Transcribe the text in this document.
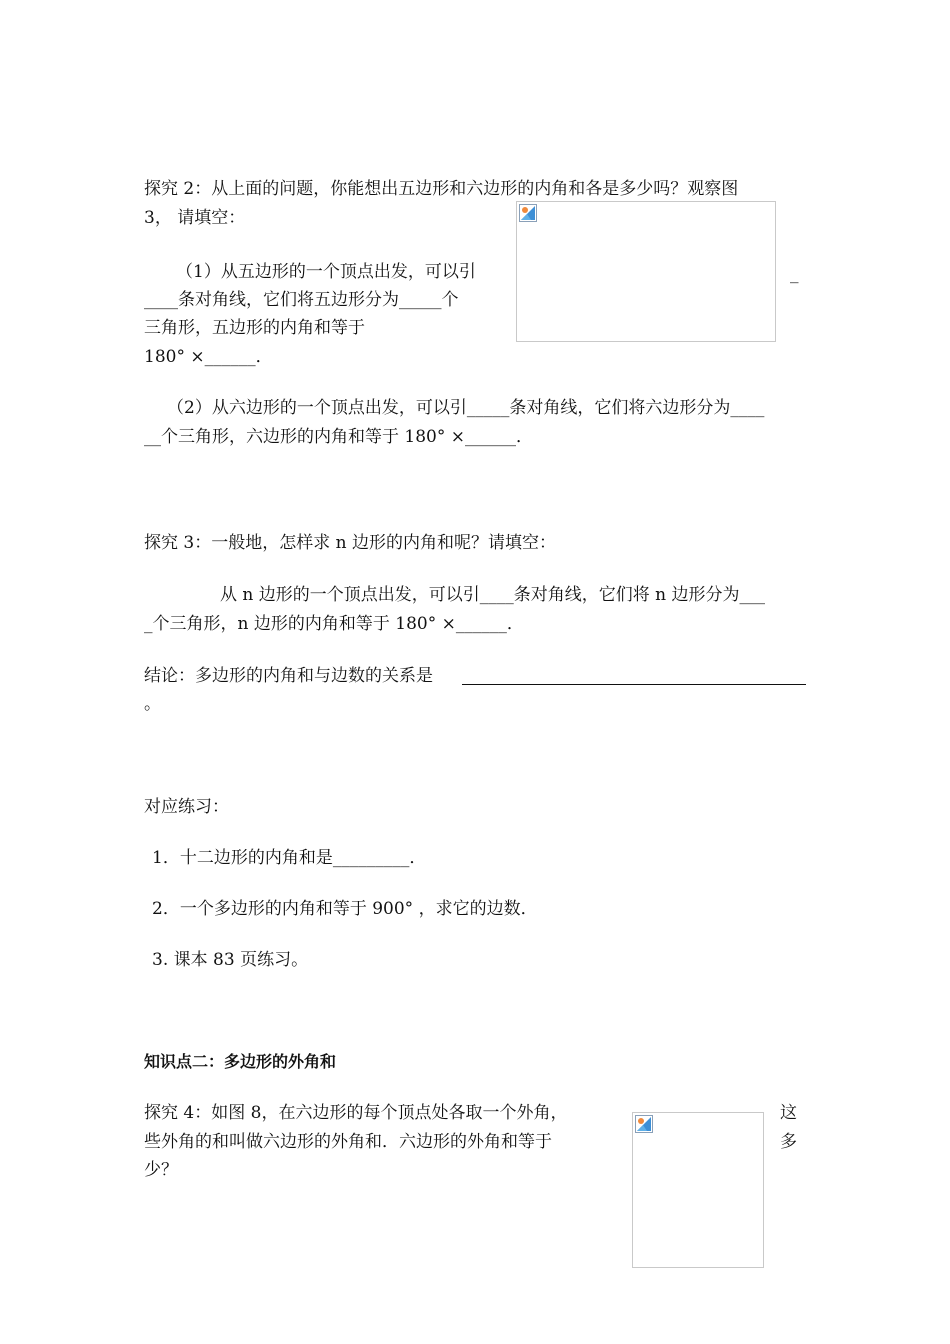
探究 2：从上面的问题，你能想出五边形和六边形的内角和各是多少吗？观察图
3， 请填空：
_
（1）从五边形的一个顶点出发，可以引
____条对角线，它们将五边形分为_____个
三角形，五边形的内角和等于
180° ×______．
（2）从六边形的一个顶点出发，可以引_____条对角线，它们将六边形分为____
__个三角形，六边形的内角和等于 180° ×______．
探究 3：一般地，怎样求 n 边形的内角和呢？请填空：
从 n 边形的一个顶点出发，可以引____条对角线，它们将 n 边形分为___
_个三角形，n 边形的内角和等于 180° ×______．
结论：多边形的内角和与边数的关系是
。
对应练习：
1．十二边形的内角和是_________．
2．一个多边形的内角和等于 900° ，求它的边数．
3. 课本 83 页练习。
知识点二：多边形的外角和
探究 4：如图 8，在六边形的每个顶点处各取一个外角，
些外角的和叫做六边形的外角和．六边形的外角和等于
少？
这
多
